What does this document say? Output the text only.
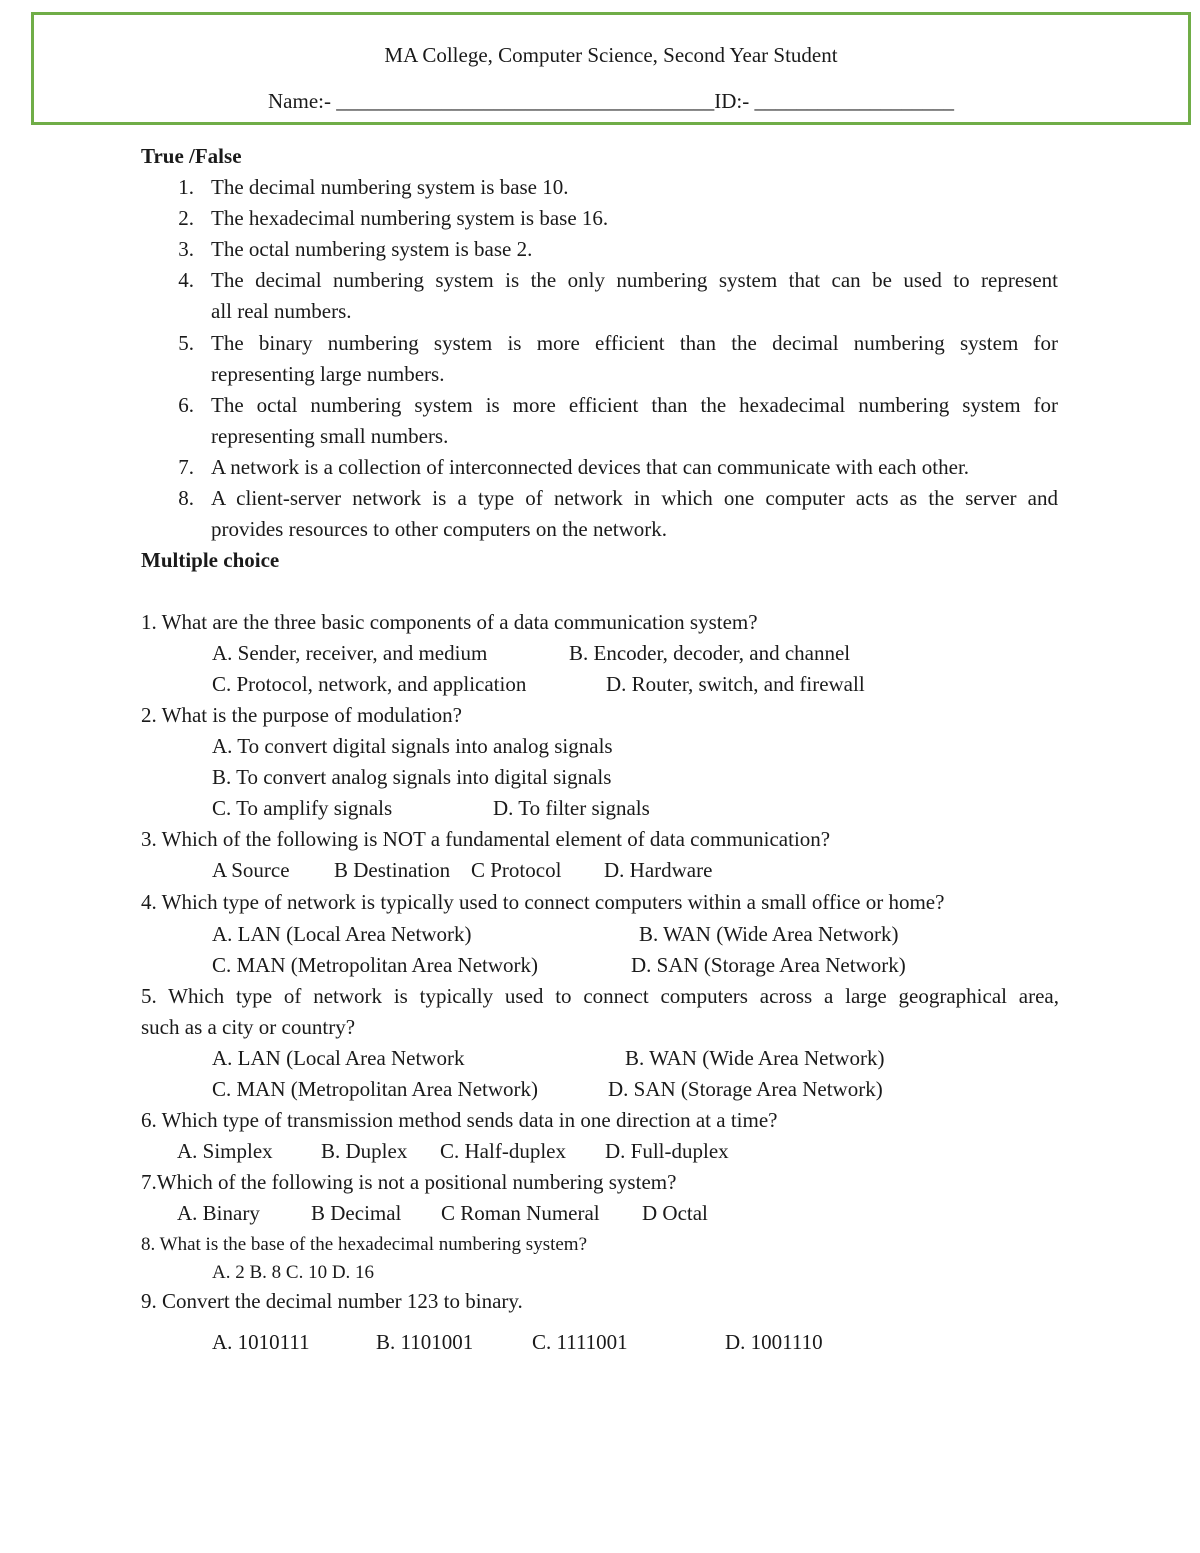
MA College, Computer Science, Second Year Student
Name:- ____________________________________ID:- ___________________
True /False
1. The decimal numbering system is base 10.
2. The hexadecimal numbering system is base 16.
3. The octal numbering system is base 2.
4. The decimal numbering system is the only numbering system that can be used to represent
all real numbers.
5. The binary numbering system is more efficient than the decimal numbering system for
representing large numbers.
6. The octal numbering system is more efficient than the hexadecimal numbering system for
representing small numbers.
7. A network is a collection of interconnected devices that can communicate with each other.
8. A client-server network is a type of network in which one computer acts as the server and
provides resources to other computers on the network.
Multiple choice
1. What are the three basic components of a data communication system?
A. Sender, receiver, and medium	B. Encoder, decoder, and channel
C. Protocol, network, and application	D. Router, switch, and firewall
2. What is the purpose of modulation?
A. To convert digital signals into analog signals
B. To convert analog signals into digital signals
C. To amplify signals	D. To filter signals
3. Which of the following is NOT a fundamental element of data communication?
A Source B Destination C Protocol D. Hardware
4. Which type of network is typically used to connect computers within a small office or home?
A. LAN (Local Area Network)	B. WAN (Wide Area Network)
C. MAN (Metropolitan Area Network)	D. SAN (Storage Area Network)
5. Which type of network is typically used to connect computers across a large geographical area,
such as a city or country?
A. LAN (Local Area Network	B. WAN (Wide Area Network)
C. MAN (Metropolitan Area Network)	D. SAN (Storage Area Network)
6. Which type of transmission method sends data in one direction at a time?
A. Simplex B. Duplex C. Half-duplex D. Full-duplex
7.Which of the following is not a positional numbering system?
A. Binary B Decimal C Roman Numeral D Octal
8. What is the base of the hexadecimal numbering system?
A. 2 B. 8 C. 10 D. 16
9. Convert the decimal number 123 to binary.
A. 1010111	B. 1101001	C. 1111001	D. 1001110
